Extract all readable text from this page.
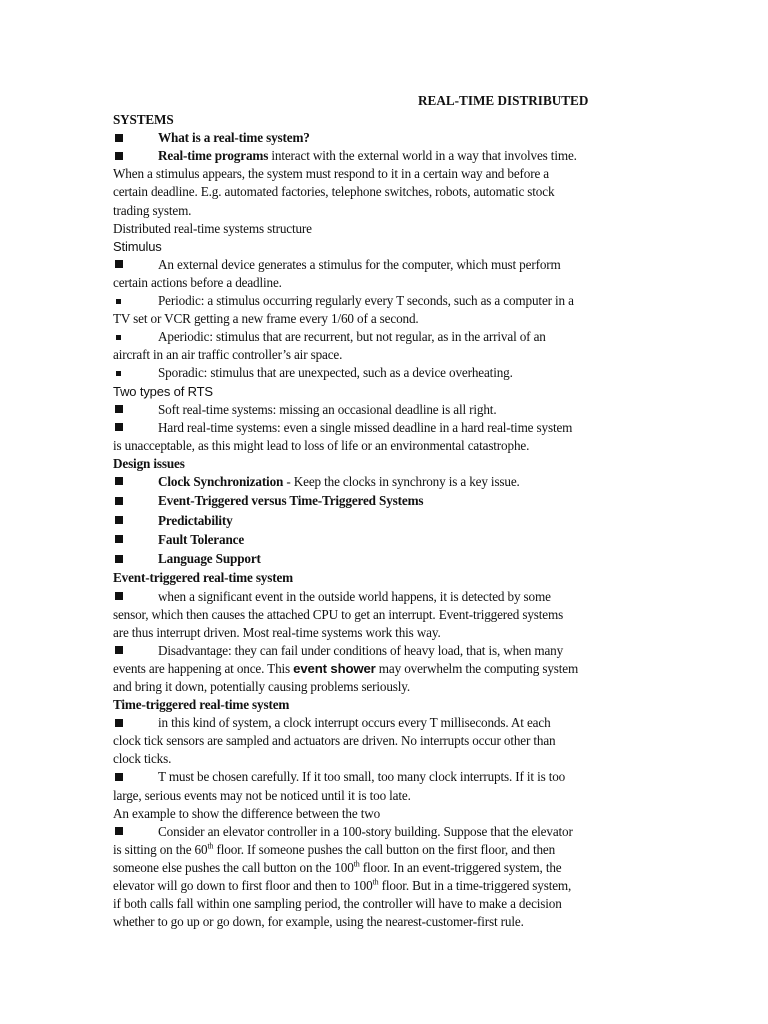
REAL-TIME DISTRIBUTED
SYSTEMS
What is a real-time system?
Real-time programs interact with the external world in a way that involves time.
When a stimulus appears, the system must respond to it in a certain way and before a
certain deadline. E.g. automated factories, telephone switches, robots, automatic stock
trading system.
Distributed real-time systems structure
Stimulus
An external device generates a stimulus for the computer, which must perform
certain actions before a deadline.
Periodic: a stimulus occurring regularly every T seconds, such as a computer in a
TV set or VCR getting a new frame every 1/60 of a second.
Aperiodic: stimulus that are recurrent, but not regular, as in the arrival of an
aircraft in an air traffic controller’s air space.
Sporadic: stimulus that are unexpected, such as a device overheating.
Two types of RTS
Soft real-time systems: missing an occasional deadline is all right.
Hard real-time systems: even a single missed deadline in a hard real-time system
is unacceptable, as this might lead to loss of life or an environmental catastrophe.
Design issues
Clock Synchronization - Keep the clocks in synchrony is a key issue.
Event-Triggered versus Time-Triggered Systems
Predictability
Fault Tolerance
Language Support
Event-triggered real-time system
when a significant event in the outside world happens, it is detected by some
sensor, which then causes the attached CPU to get an interrupt. Event-triggered systems
are thus interrupt driven. Most real-time systems work this way.
Disadvantage: they can fail under conditions of heavy load, that is, when many
events are happening at once. This event shower may overwhelm the computing system
and bring it down, potentially causing problems seriously.
Time-triggered real-time system
in this kind of system, a clock interrupt occurs every T milliseconds. At each
clock tick sensors are sampled and actuators are driven. No interrupts occur other than
clock ticks.
T must be chosen carefully. If it too small, too many clock interrupts. If it is too
large, serious events may not be noticed until it is too late.
An example to show the difference between the two
Consider an elevator controller in a 100-story building. Suppose that the elevator
is sitting on the 60th floor. If someone pushes the call button on the first floor, and then
someone else pushes the call button on the 100th floor. In an event-triggered system, the
elevator will go down to first floor and then to 100th floor. But in a time-triggered system,
if both calls fall within one sampling period, the controller will have to make a decision
whether to go up or go down, for example, using the nearest-customer-first rule.
